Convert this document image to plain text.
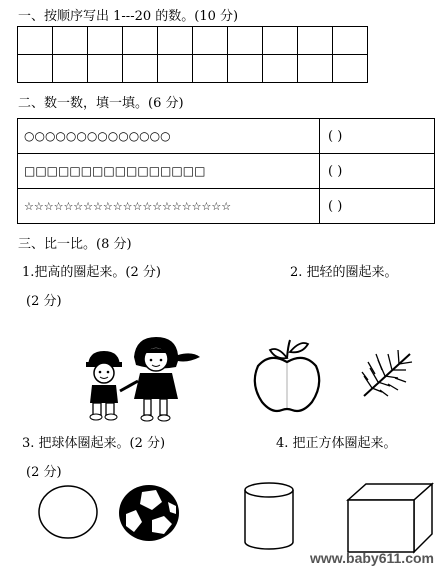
一、按顺序写出 1---20 的数。(10 分)

二、数一数，填一填。(6 分)
○○○○○○○○○○○○○○	( )
□□□□□□□□□□□□□□□□	( )
☆☆☆☆☆☆☆☆☆☆☆☆☆☆☆☆☆☆☆☆☆	( )
三、比一比。(8 分)
1.把高的圈起来。(2 分)	2. 把轻的圈起来。
(2 分)
3. 把球体圈起来。(2 分)	4. 把正方体圈起来。
(2 分)
www.baby611.com
